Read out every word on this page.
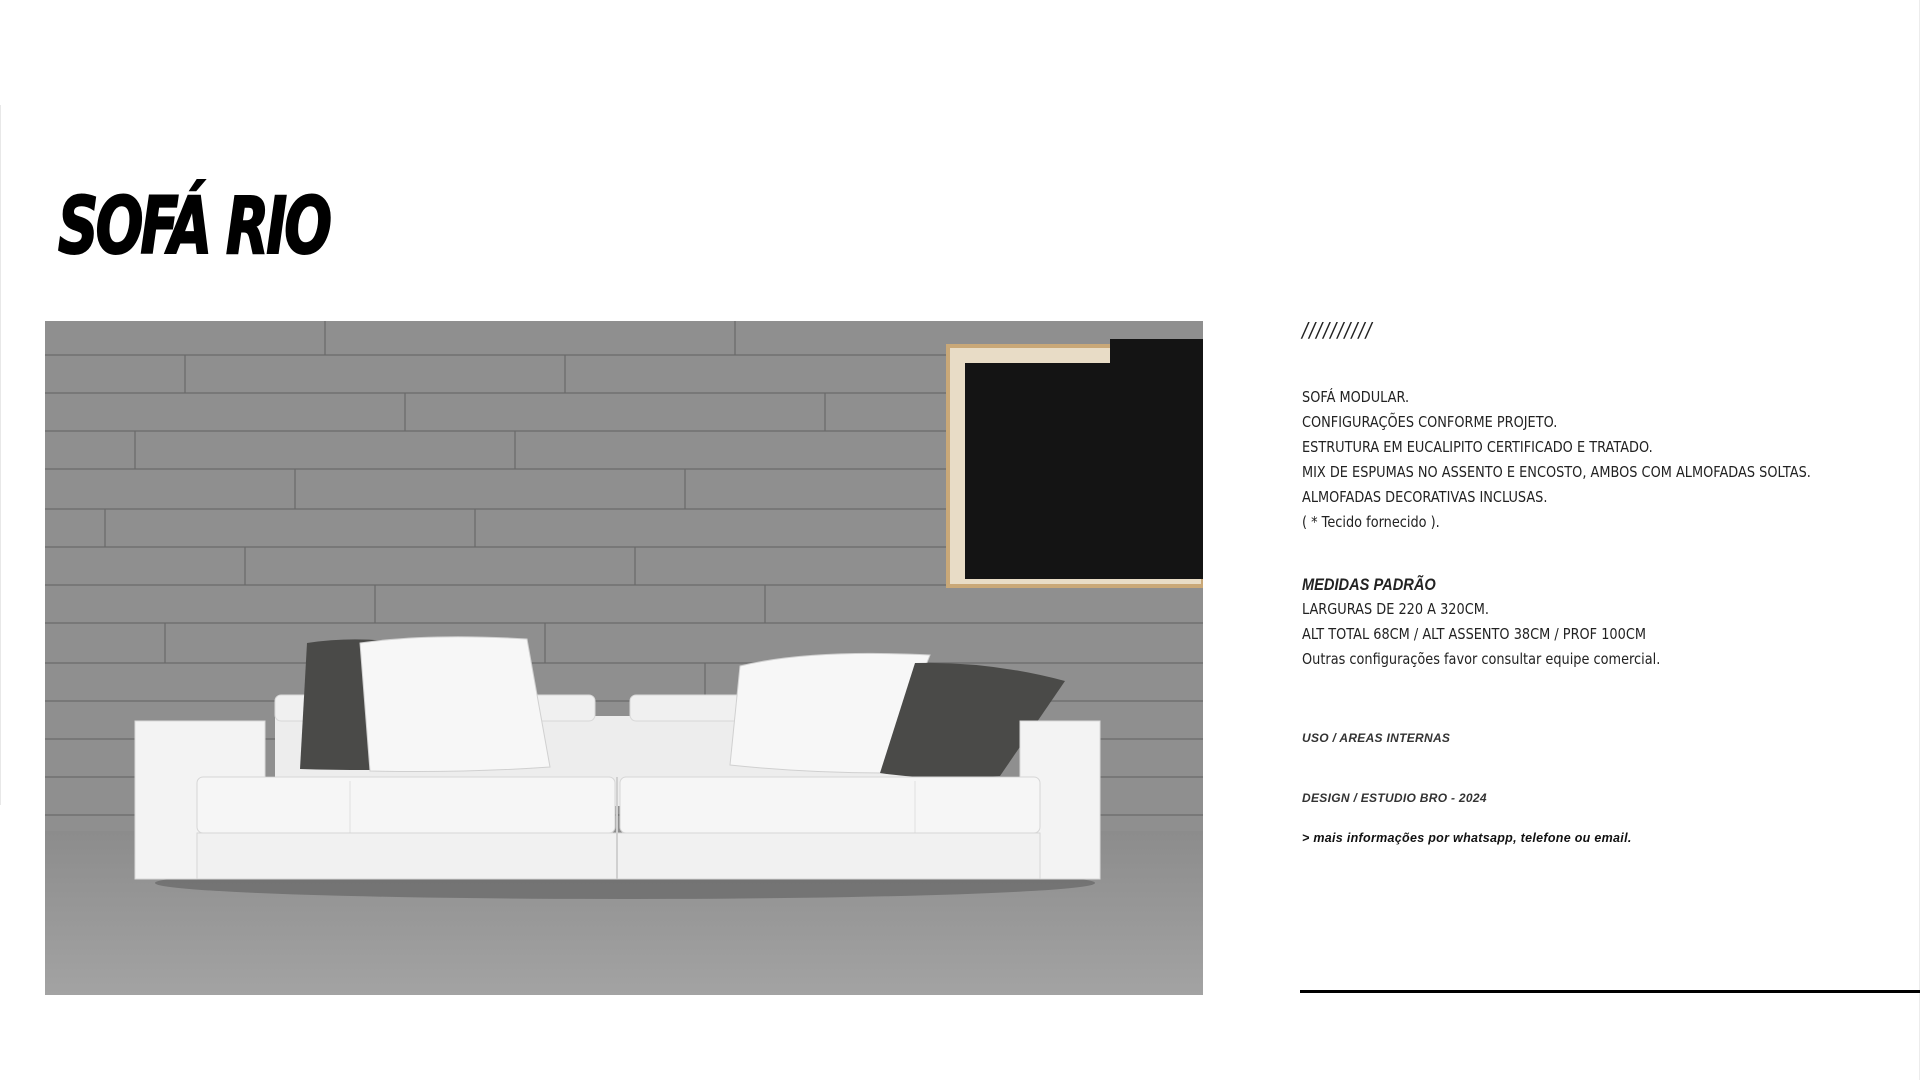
SOFÁ RIO
//////////
SOFÁ MODULAR.
CONFIGURAÇÕES CONFORME PROJETO.
ESTRUTURA EM EUCALIPITO CERTIFICADO E TRATADO.
MIX DE ESPUMAS NO ASSENTO E ENCOSTO, AMBOS COM ALMOFADAS SOLTAS.
ALMOFADAS DECORATIVAS INCLUSAS.
( * Tecido fornecido ).
MEDIDAS PADRÃO
LARGURAS DE 220 A 320CM.
ALT TOTAL 68CM / ALT ASSENTO 38CM / PROF 100CM
Outras configurações favor consultar equipe comercial.
USO / AREAS INTERNAS
DESIGN / ESTUDIO BRO - 2024
> mais informações por whatsapp, telefone ou email.
